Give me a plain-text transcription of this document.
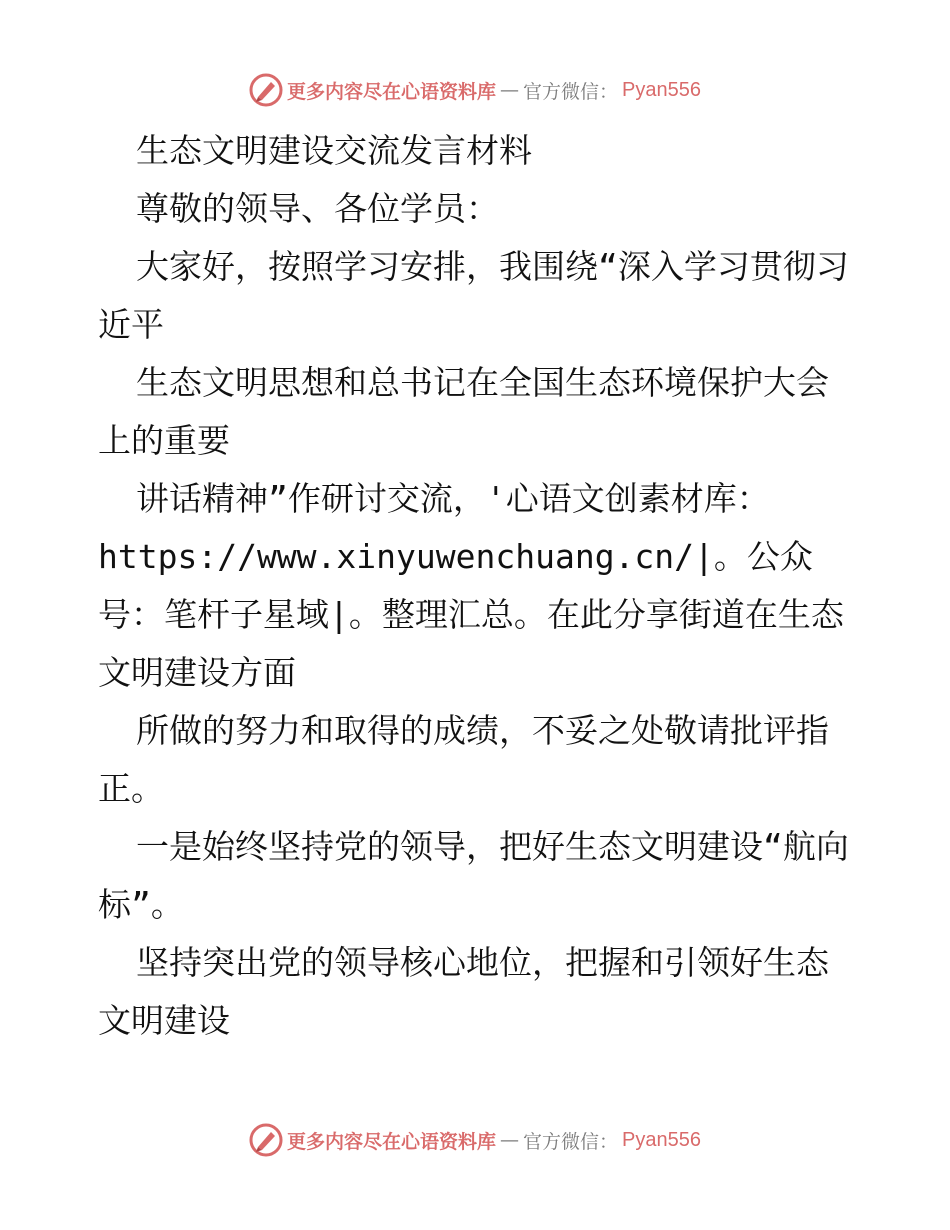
更多内容尽在心语资料库 — 官方微信： Pyan556

生态文明建设交流发言材料

尊敬的领导、各位学员：

大家好，按照学习安排，我围绕“深入学习贯彻习近平

生态文明思想和总书记在全国生态环境保护大会上的重要

讲话精神”作研讨交流，'心语文创素材库：

https://www.xinyuwenchuang.cn/|。公众号：笔杆子星域|。整理汇总。在此分享街道在生态文明建设方面

所做的努力和取得的成绩，不妥之处敬请批评指正。

一是始终坚持党的领导，把好生态文明建设“航向标”。

坚持突出党的领导核心地位，把握和引领好生态文明建设

更多内容尽在心语资料库 — 官方微信： Pyan556
